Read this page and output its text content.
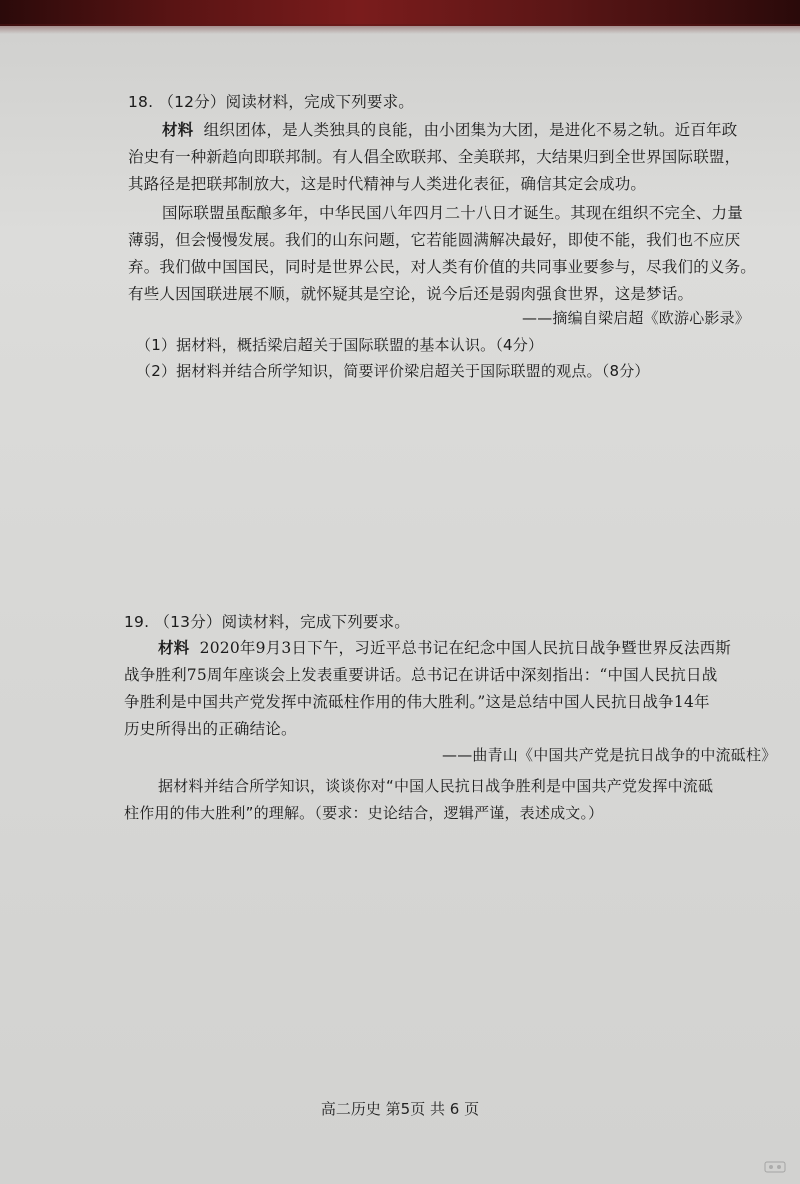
18. （12分）阅读材料，完成下列要求。
材料 组织团体，是人类独具的良能，由小团集为大团，是进化不易之轨。近百年政
治史有一种新趋向即联邦制。有人倡全欧联邦、全美联邦，大结果归到全世界国际联盟，
其路径是把联邦制放大，这是时代精神与人类进化表征，确信其定会成功。
国际联盟虽酝酿多年，中华民国八年四月二十八日才诞生。其现在组织不完全、力量
薄弱，但会慢慢发展。我们的山东问题，它若能圆满解决最好，即使不能，我们也不应厌
弃。我们做中国国民，同时是世界公民，对人类有价值的共同事业要参与，尽我们的义务。
有些人因国联进展不顺，就怀疑其是空论，说今后还是弱肉强食世界，这是梦话。
——摘编自梁启超《欧游心影录》
（1）据材料，概括梁启超关于国际联盟的基本认识。（4分）
（2）据材料并结合所学知识，简要评价梁启超关于国际联盟的观点。（8分）
19. （13分）阅读材料，完成下列要求。
材料 2020年9月3日下午，习近平总书记在纪念中国人民抗日战争暨世界反法西斯
战争胜利75周年座谈会上发表重要讲话。总书记在讲话中深刻指出：“中国人民抗日战
争胜利是中国共产党发挥中流砥柱作用的伟大胜利。”这是总结中国人民抗日战争14年
历史所得出的正确结论。
——曲青山《中国共产党是抗日战争的中流砥柱》
据材料并结合所学知识，谈谈你对“中国人民抗日战争胜利是中国共产党发挥中流砥
柱作用的伟大胜利”的理解。（要求：史论结合，逻辑严谨，表述成文。）
高二历史 第5页 共 6 页
